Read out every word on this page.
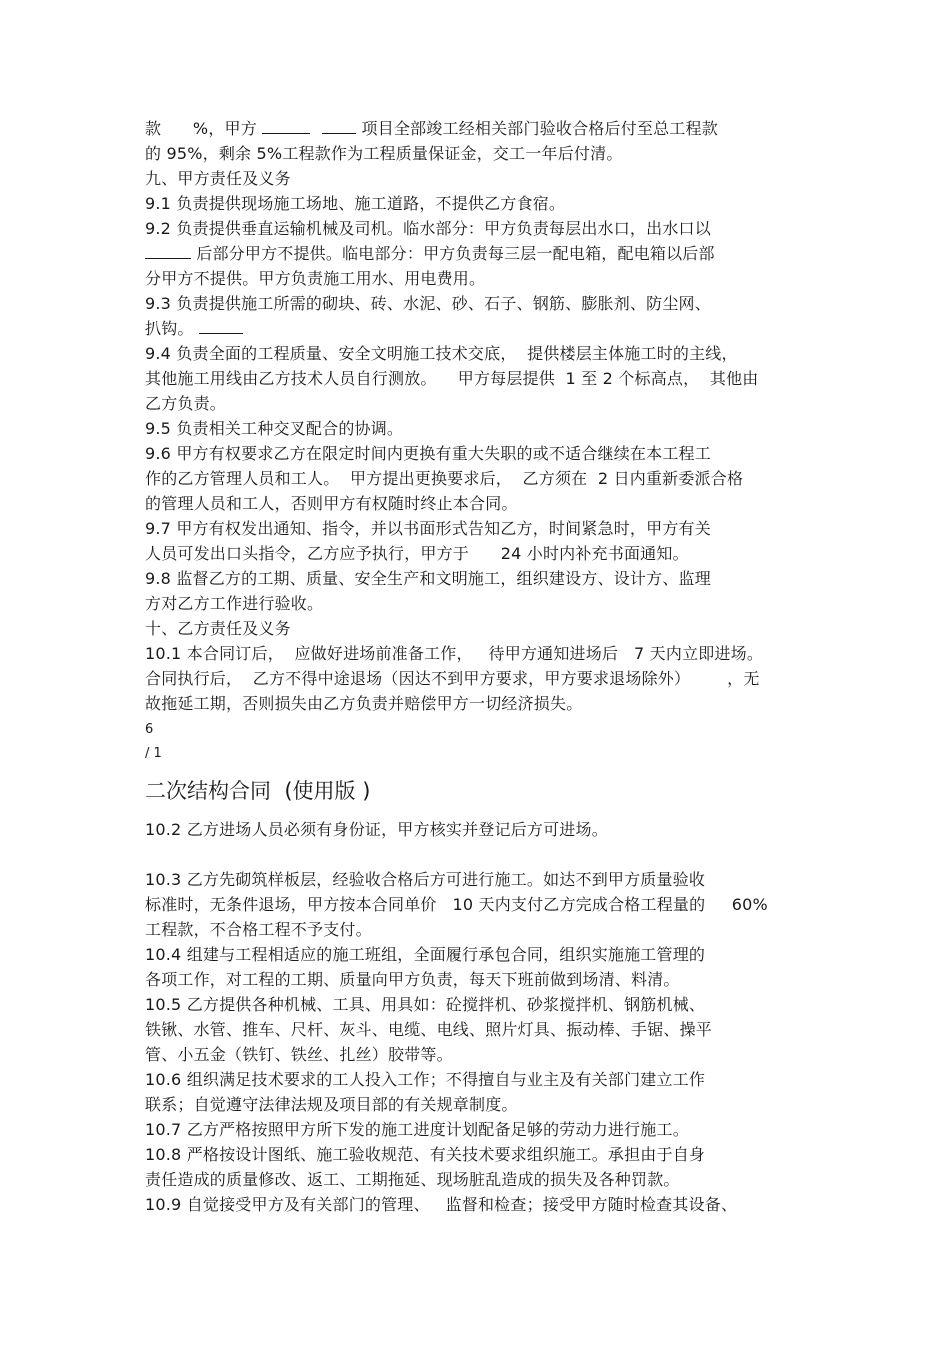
款      %，甲方	项目全部竣工经相关部门验收合格后付至总工程款
的 95%，剩余 5%工程款作为工程质量保证金，交工一年后付清。
九、甲方责任及义务
9.1 负责提供现场施工场地、施工道路，不提供乙方食宿。
9.2 负责提供垂直运输机械及司机。临水部分：甲方负责每层出水口，出水口以
后部分甲方不提供。临电部分：甲方负责每三层一配电箱，配电箱以后部
分甲方不提供。甲方负责施工用水、用电费用。
9.3 负责提供施工所需的砌块、砖、水泥、砂、石子、钢筋、膨胀剂、防尘网、
扒钩。
9.4 负责全面的工程质量、安全文明施工技术交底，  提供楼层主体施工时的主线，
其他施工用线由乙方技术人员自行测放。    甲方每层提供  1 至 2 个标高点，  其他由
乙方负责。
9.5 负责相关工种交叉配合的协调。
9.6 甲方有权要求乙方在限定时间内更换有重大失职的或不适合继续在本工程工
作的乙方管理人员和工人。  甲方提出更换要求后，  乙方须在  2 日内重新委派合格
的管理人员和工人，否则甲方有权随时终止本合同。
9.7 甲方有权发出通知、指令，并以书面形式告知乙方，时间紧急时，甲方有关
人员可发出口头指令，乙方应予执行，甲方于      24 小时内补充书面通知。
9.8 监督乙方的工期、质量、安全生产和文明施工，组织建设方、设计方、监理
方对乙方工作进行验收。
十、乙方责任及义务
10.1 本合同订后，  应做好进场前准备工作，   待甲方通知进场后   7 天内立即进场。
合同执行后，  乙方不得中途退场（因达不到甲方要求，甲方要求退场除外）       ，无
故拖延工期，否则损失由乙方负责并赔偿甲方一切经济损失。
6
/ 1
二次结构合同  (使用版 )
10.2 乙方进场人员必须有身份证，甲方核实并登记后方可进场。
10.3 乙方先砌筑样板层，经验收合格后方可进行施工。如达不到甲方质量验收
标准时，无条件退场，甲方按本合同单价   10 天内支付乙方完成合格工程量的     60%
工程款，不合格工程不予支付。
10.4 组建与工程相适应的施工班组，全面履行承包合同，组织实施施工管理的
各项工作，对工程的工期、质量向甲方负责，每天下班前做到场清、料清。
10.5 乙方提供各种机械、工具、用具如：砼搅拌机、砂浆搅拌机、钢筋机械、
铁锹、水管、推车、尺杆、灰斗、电缆、电线、照片灯具、振动棒、手锯、操平
管、小五金（铁钉、铁丝、扎丝）胶带等。
10.6 组织满足技术要求的工人投入工作；不得擅自与业主及有关部门建立工作
联系；自觉遵守法律法规及项目部的有关规章制度。
10.7 乙方严格按照甲方所下发的施工进度计划配备足够的劳动力进行施工。
10.8 严格按设计图纸、施工验收规范、有关技术要求组织施工。承担由于自身
责任造成的质量修改、返工、工期拖延、现场脏乱造成的损失及各种罚款。
10.9 自觉接受甲方及有关部门的管理、   监督和检查；接受甲方随时检查其设备、
